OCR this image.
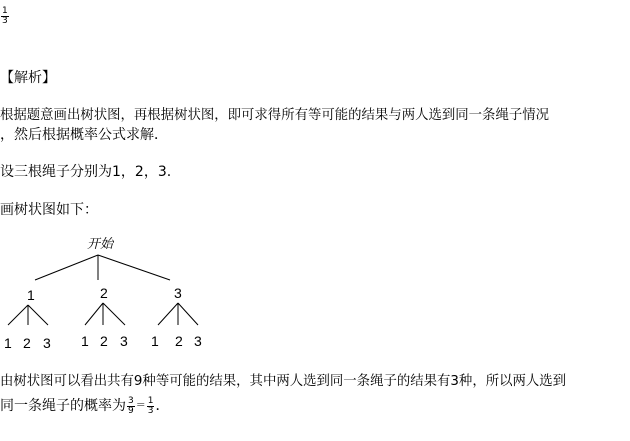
$\frac{1}{3}$
【解析】
根据题意画出树状图，再根据树状图，即可求得所有等可能的结果与两人选到同一条绳子情况
，然后根据概率公式求解．
设三根绳子分别为1，2，3.
画树状图如下：
开始
1	2	3
1 2 3 1 2 3 1 2 3
由树状图可以看出共有9种等可能的结果，其中两人选到同一条绳子的结果有3种，所以两人选到
同一条绳子的概率为 $\frac{3}{9} = \frac{1}{3}$ ．
